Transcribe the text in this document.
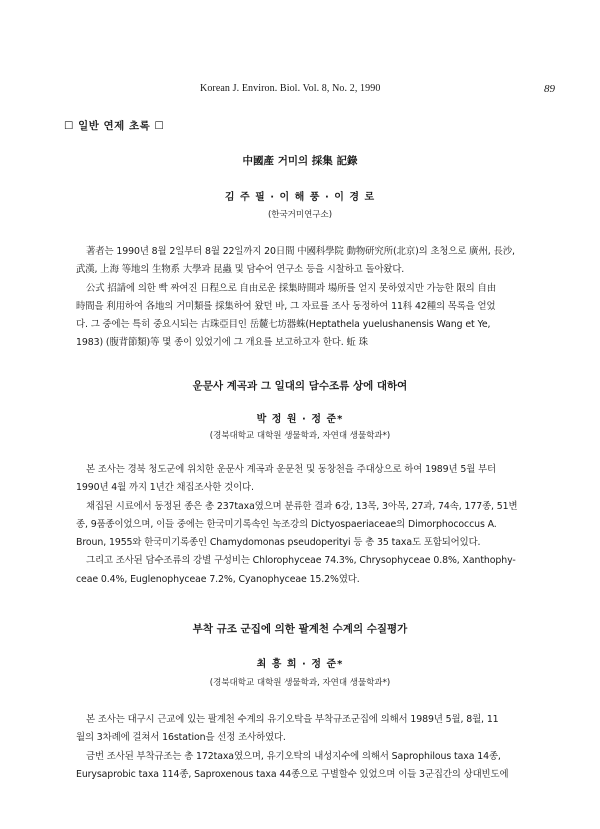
Korean J. Environ. Biol. Vol. 8, No. 2, 1990	89
☐ 일반 연제 초록 ☐
中國產 거미의 採集 記錄
김 주 필 · 이 해 풍 · 이 경 로
(한국거미연구소)
著者는 1990년 8월 2일부터 8월 22일까지 20日間 中國科學院 動物研究所(北京)의 초청으로 廣州, 長沙,
武漢, 上海 等地의 生物系 大學과 昆蟲 및 담수어 연구소 등을 시찰하고 돌아왔다.
公式 招請에 의한 빡 짜여진 日程으로 自由로운 採集時間과 場所를 얻지 못하였지만 가능한 限의 自由
時間을 利用하여 各地의 거미類를 採集하여 왔던 바, 그 자료를 조사 동정하여 11科 42種의 목록을 얻었
다. 그 중에는 특히 중요시되는 古珠亞目인 岳麓七坊器蛛(Heptathela yuelushanensis Wang et Ye,
1983) (腹背節類)等 몇 종이 있었기에 그 개요를 보고하고자 한다. 蚯 珠
운문사 계곡과 그 일대의 담수조류 상에 대하여
박 정 원 · 정 준*
(경북대학교 대학원 생물학과, 자연대 생물학과*)
본 조사는 경북 청도군에 위치한 운문사 계곡과 운문천 및 동창천을 주대상으로 하여 1989년 5월 부터
1990년 4월 까지 1년간 채집조사한 것이다.
채집된 시료에서 동정된 종은 총 237taxa였으며 분류한 결과 6강, 13목, 3아목, 27과, 74속, 177종, 51변
종, 9품종이었으며, 이들 중에는 한국미기록속인 녹조강의 Dictyospaeriaceae의 Dimorphococcus A.
Broun, 1955와 한국미기록종인 Chamydomonas pseudoperityi 등 총 35 taxa도 포함되어있다.
그리고 조사된 담수조류의 강별 구성비는 Chlorophyceae 74.3%, Chrysophyceae 0.8%, Xanthophy-
ceae 0.4%, Euglenophyceae 7.2%, Cyanophyceae 15.2%였다.
부착 규조 군집에 의한 팔계천 수계의 수질평가
최 흥 희 · 정 준*
(경북대학교 대학원 생물학과, 자연대 생물학과*)
본 조사는 대구시 근교에 있는 팔계천 수계의 유기오탁을 부착규조군집에 의해서 1989년 5월, 8월, 11
월의 3차례에 걸쳐서 16station을 선정 조사하였다.
금번 조사된 부착규조는 총 172taxa였으며, 유기오탁의 내성지수에 의해서 Saprophilous taxa 14종,
Eurysaprobic taxa 114종, Saproxenous taxa 44종으로 구별할수 있었으며 이들 3군집간의 상대빈도에
